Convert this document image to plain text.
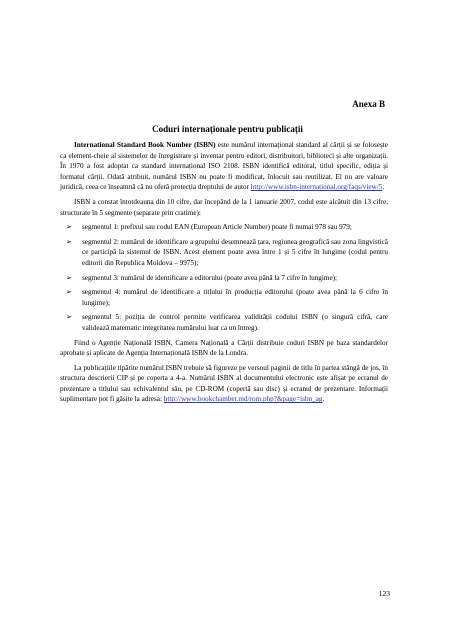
Anexa B
Coduri internaționale pentru publicații

International Standard Book Number (ISBN) este numărul internațional standard al cărții și se folosește ca element-cheie al sistemelor de înregistrare și inventar pentru editori, distribuitori, biblioteci și alte organizații. În 1970 a fost adoptat ca standard internațional ISO 2108. ISBN identifică editoral, titlul specific, ediția și formatul cărții. Odată atribuit, numărul ISBN nu poate fi modificat, înlocuit sau reutilizat. El nu are valoare juridică, ceea ce înseamnă că nu oferă protecția dreptului de autor http://www.isbn-international.org/faqs/view/5.

ISBN a constat întotdeauna din 10 cifre, dar începând de la 1 ianuarie 2007, codul este alcătuit din 13 cifre, structurate în 5 segmente (separate prin cratime):

➢ segmentul 1: prefixul sau codul EAN (European Article Number) poate fi numai 978 sau 979;
➢ segmentul 2: numărul de identificare a grupului desemnează țara, regiunea geografică sau zona lingvistică ce participă la sistemul de ISBN. Acest element poate avea între 1 și 5 cifre în lungime (codul pentru editorii din Republica Moldova – 9975);
➢ segmentul 3: numărul de identificare a editorului (poate avea până la 7 cifre în lungime);
➢ segmentul 4: numărul de identificare a titlului în producția editorului (poate avea până la 6 cifre în lungime);
➢ segmentul 5: poziția de control permite verificarea validității codului ISBN (o singură cifră, care validează matematic integritatea numărului luat ca un întreg).

Fiind o Agenție Națională ISBN, Camera Națională a Cărții distribuie coduri ISBN pe baza standardelor aprobate și aplicate de Agenția Internațională ISBN de la Londra.

La publicațiile tipărite numărul ISBN trebuie să figureze pe versoul paginii de titlu în partea stângă de jos, în structura descrierii CIP și pe coperta a 4-a. Numărul ISBN al documentului electronic este afișat pe ecranul de prezentare a titlului sau echivalentul său, pe CD-ROM (copertă sau disc) și ecranul de prezentare. Informații suplimentare pot fi găsite la adresa: http://www.bookchamber.md/rom.php?&page=isbn_ag.

123
